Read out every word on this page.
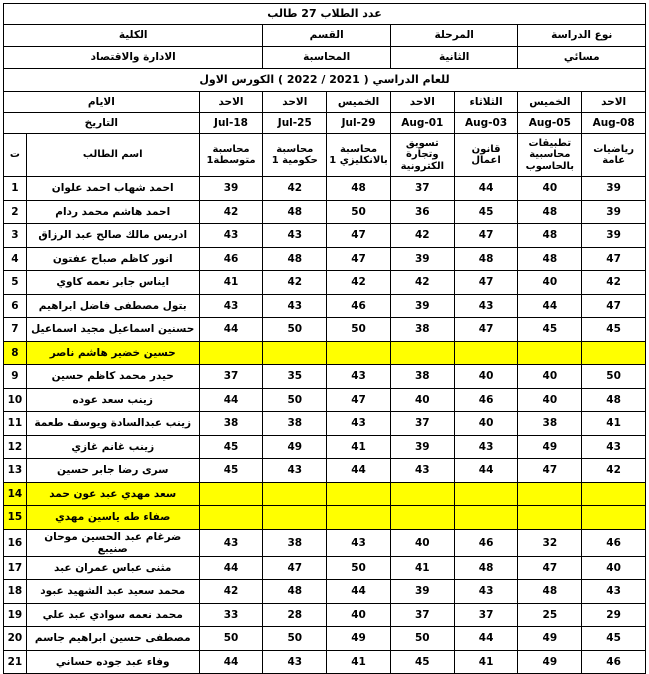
عدد الطلاب 27 طالب								
نوع الدراسة		المرحلة		القسم		الكلية		
مسائي		الثانية		المحاسبة		الادارة والاقتصاد		
للعام الدراسي ( 2021 / 2022 ) الكورس الاول								
الاحد	الخميس	الثلاثاء	الاحد	الخميس	الاحد	الاحد	الايام	
08-Aug	05-Aug	03-Aug	01-Aug	29-Jul	25-Jul	18-Jul	التاريخ	
رياضيات عامة	تطبيقات محاسبية بالحاسوب	قانون اعمال	تسويق وتجارة الكترونية	محاسبة بالانكليزي 1	محاسبة حكومية 1	محاسبة متوسطة1	اسم الطالب	ت
39	40	44	37	48	42	39	احمد شهاب احمد علوان	1
39	48	45	36	50	48	42	احمد هاشم محمد ردام	2
39	48	47	42	47	43	43	ادريس مالك صالح عبد الرزاق	3
47	48	48	39	47	48	46	انور كاظم صباح عفتون	4
42	40	47	42	42	42	41	ايناس جابر نعمه كاوي	5
47	44	43	39	46	43	43	بتول مصطفى فاضل ابراهيم	6
45	45	47	38	50	50	44	حسنين اسماعيل مجيد اسماعيل	7
							حسين خضير هاشم ناصر	8
50	40	40	38	43	35	37	حيدر محمد كاظم حسين	9
48	40	46	40	47	50	44	زينب سعد عوده	10
41	38	40	37	43	38	38	زينب عبدالسادة ويوسف طعمة	11
43	49	43	39	41	49	45	زينب غانم غازي	12
42	47	44	43	44	43	45	سرى رضا جابر حسين	13
							سعد مهدي عبد عون حمد	14
							صفاء طه ياسين مهدي	15
46	32	46	40	43	38	43	ضرغام عبد الحسين موحان صنيبع	16
40	47	48	41	50	47	44	مثنى عباس عمران عبد	17
43	48	43	39	44	48	42	محمد سعيد عبد الشهيد عبود	18
29	25	37	37	40	28	33	محمد نعمه سوادي عبد علي	19
45	49	44	50	49	50	50	مصطفى حسين ابراهيم جاسم	20
46	49	41	45	41	43	44	وفاء عبد جوده حساني	21
